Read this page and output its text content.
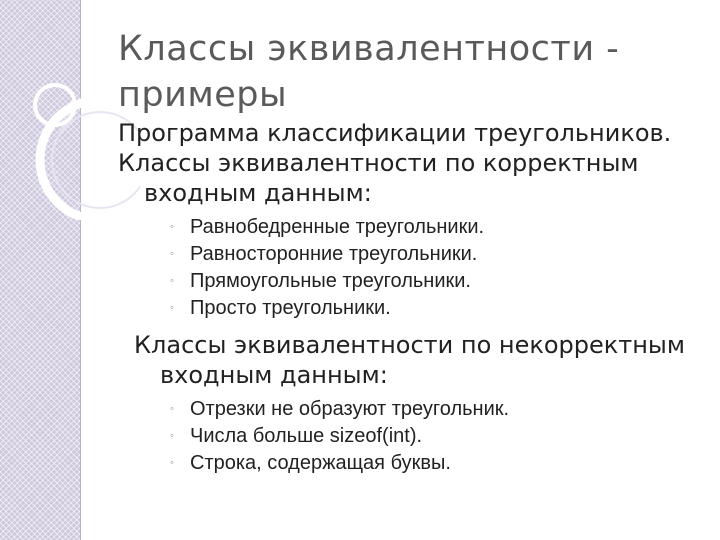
Классы эквивалентности -
примеры

Программа классификации треугольников.

Классы эквивалентности по корректным входным данным:

◦ Равнобедренные треугольники.
◦ Равносторонние треугольники.
◦ Прямоугольные треугольники.
◦ Просто треугольники.

Классы эквивалентности по некорректным входным данным:

◦ Отрезки не образуют треугольник.
◦ Числа больше sizeof(int).
◦ Строка, содержащая буквы.
